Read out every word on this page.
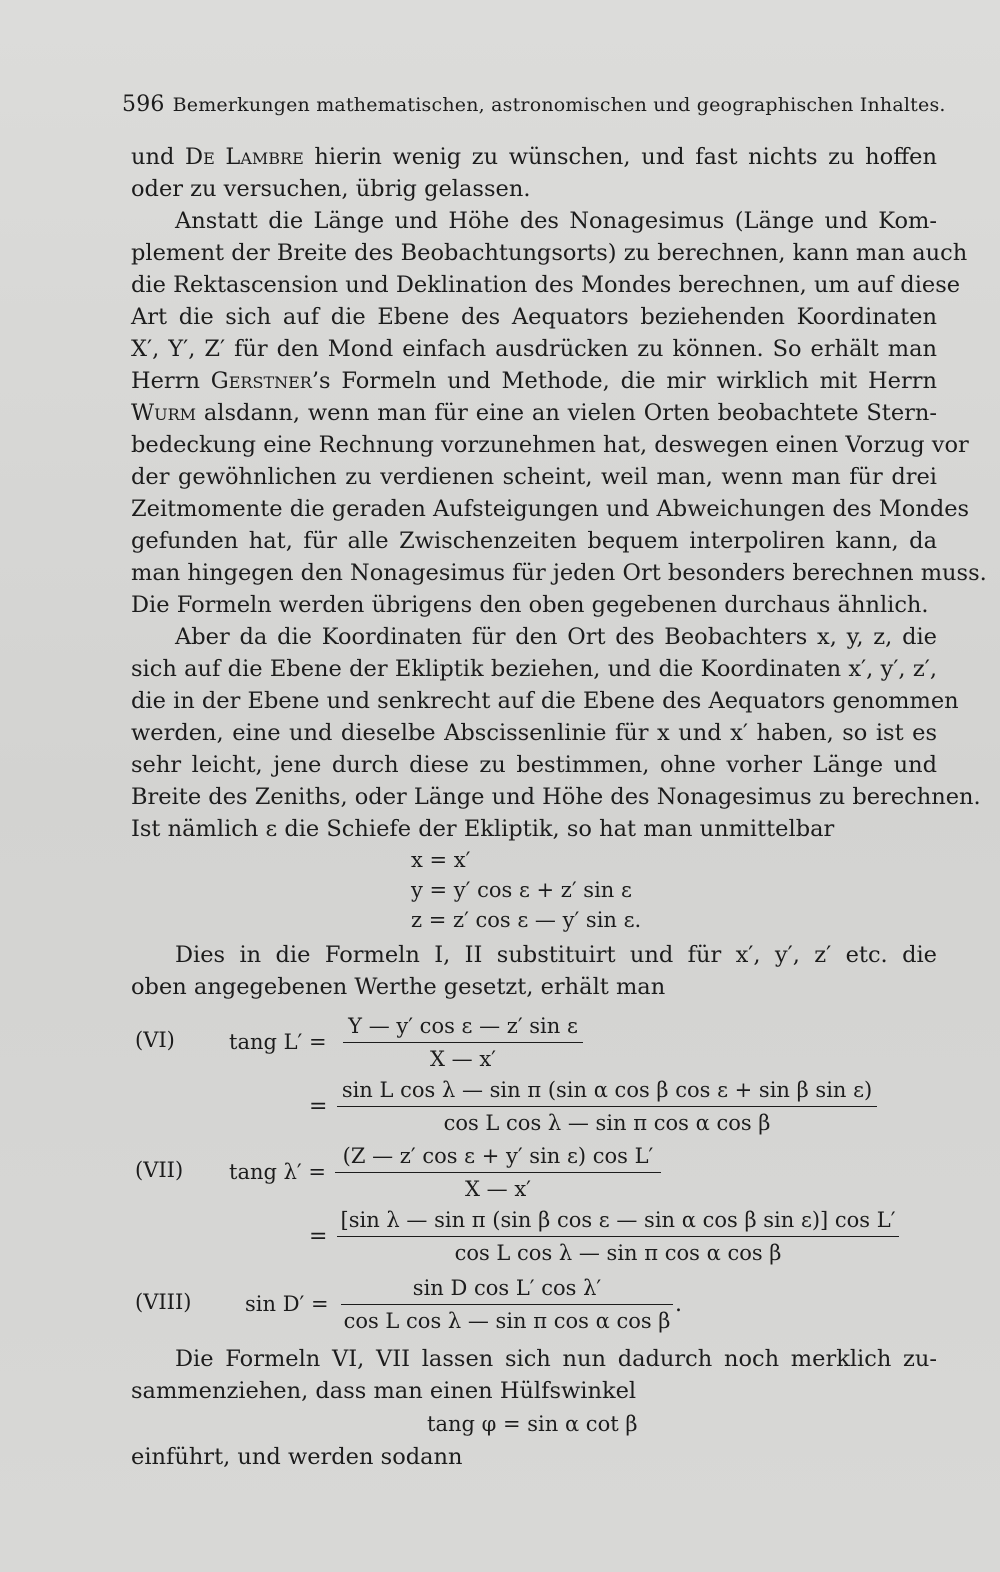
596 Bemerkungen mathematischen, astronomischen und geographischen Inhaltes.
und De Lambre hierin wenig zu wünschen, und fast nichts zu hoffen
oder zu versuchen, übrig gelassen.
Anstatt die Länge und Höhe des Nonagesimus (Länge und Kom-
plement der Breite des Beobachtungsorts) zu berechnen, kann man auch
die Rektascension und Deklination des Mondes berechnen, um auf diese
Art die sich auf die Ebene des Aequators beziehenden Koordinaten
X′, Y′, Z′ für den Mond einfach ausdrücken zu können. So erhält man
Herrn Gerstner’s Formeln und Methode, die mir wirklich mit Herrn
Wurm alsdann, wenn man für eine an vielen Orten beobachtete Stern-
bedeckung eine Rechnung vorzunehmen hat, deswegen einen Vorzug vor
der gewöhnlichen zu verdienen scheint, weil man, wenn man für drei
Zeitmomente die geraden Aufsteigungen und Abweichungen des Mondes
gefunden hat, für alle Zwischenzeiten bequem interpoliren kann, da
man hingegen den Nonagesimus für jeden Ort besonders berechnen muss.
Die Formeln werden übrigens den oben gegebenen durchaus ähnlich.
Aber da die Koordinaten für den Ort des Beobachters x, y, z, die
sich auf die Ebene der Ekliptik beziehen, und die Koordinaten x′, y′, z′,
die in der Ebene und senkrecht auf die Ebene des Aequators genommen
werden, eine und dieselbe Abscissenlinie für x und x′ haben, so ist es
sehr leicht, jene durch diese zu bestimmen, ohne vorher Länge und
Breite des Zeniths, oder Länge und Höhe des Nonagesimus zu berechnen.
Ist nämlich ε die Schiefe der Ekliptik, so hat man unmittelbar
x = x′
y = y′ cos ε + z′ sin ε
z = z′ cos ε — y′ sin ε.
Dies in die Formeln I, II substituirt und für x′, y′, z′ etc. die
oben angegebenen Werthe gesetzt, erhält man
(VI)	tang L′ =
Y — y′ cos ε — z′ sin ε
X — x′
=
sin L cos λ — sin π (sin α cos β cos ε + sin β sin ε)
cos L cos λ — sin π cos α cos β
(VII) tang λ′ =
(Z — z′ cos ε + y′ sin ε) cos L′
X — x′
=
[sin λ — sin π (sin β cos ε — sin α cos β sin ε)] cos L′
cos L cos λ — sin π cos α cos β
(VIII)	sin D′ =
sin D cos L′ cos λ′
cos L cos λ — sin π cos α cos β
.
Die Formeln VI, VII lassen sich nun dadurch noch merklich zu-
sammenziehen, dass man einen Hülfswinkel
tang φ = sin α cot β
einführt, und werden sodann
